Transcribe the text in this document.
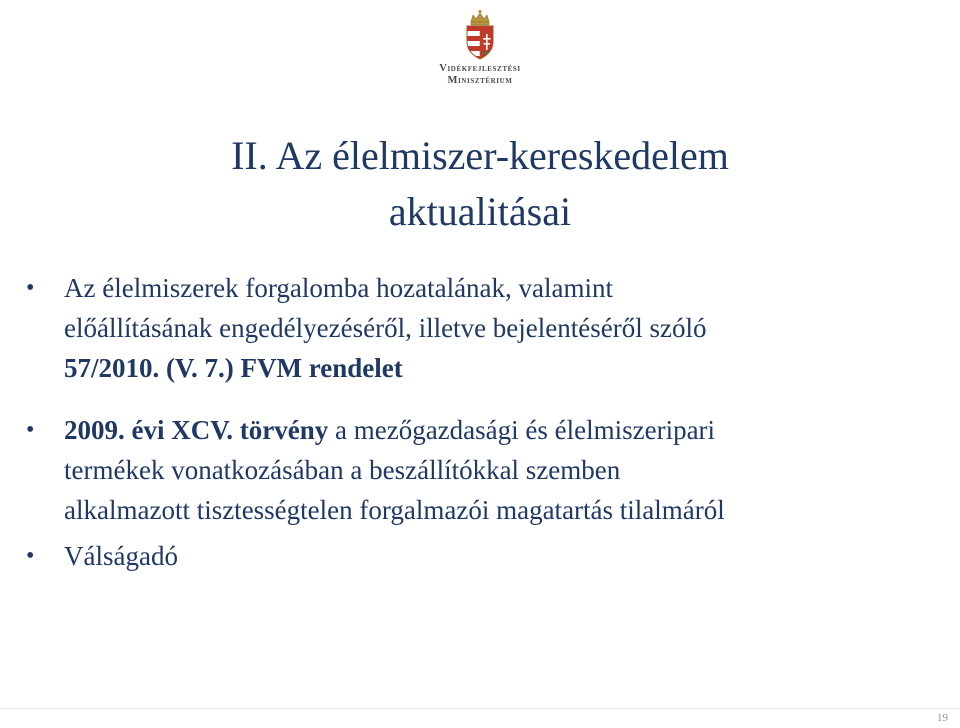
Vidékfejlesztési
Minisztérium
II. Az élelmiszer-kereskedelem
aktualitásai
• Az élelmiszerek forgalomba hozatalának, valamint
előállításának engedélyezéséről, illetve bejelentéséről szóló
57/2010. (V. 7.) FVM rendelet
• 2009. évi XCV. törvény a mezőgazdasági és élelmiszeripari
termékek vonatkozásában a beszállítókkal szemben
alkalmazott tisztességtelen forgalmazói magatartás tilalmáról
• Válságadó
19
